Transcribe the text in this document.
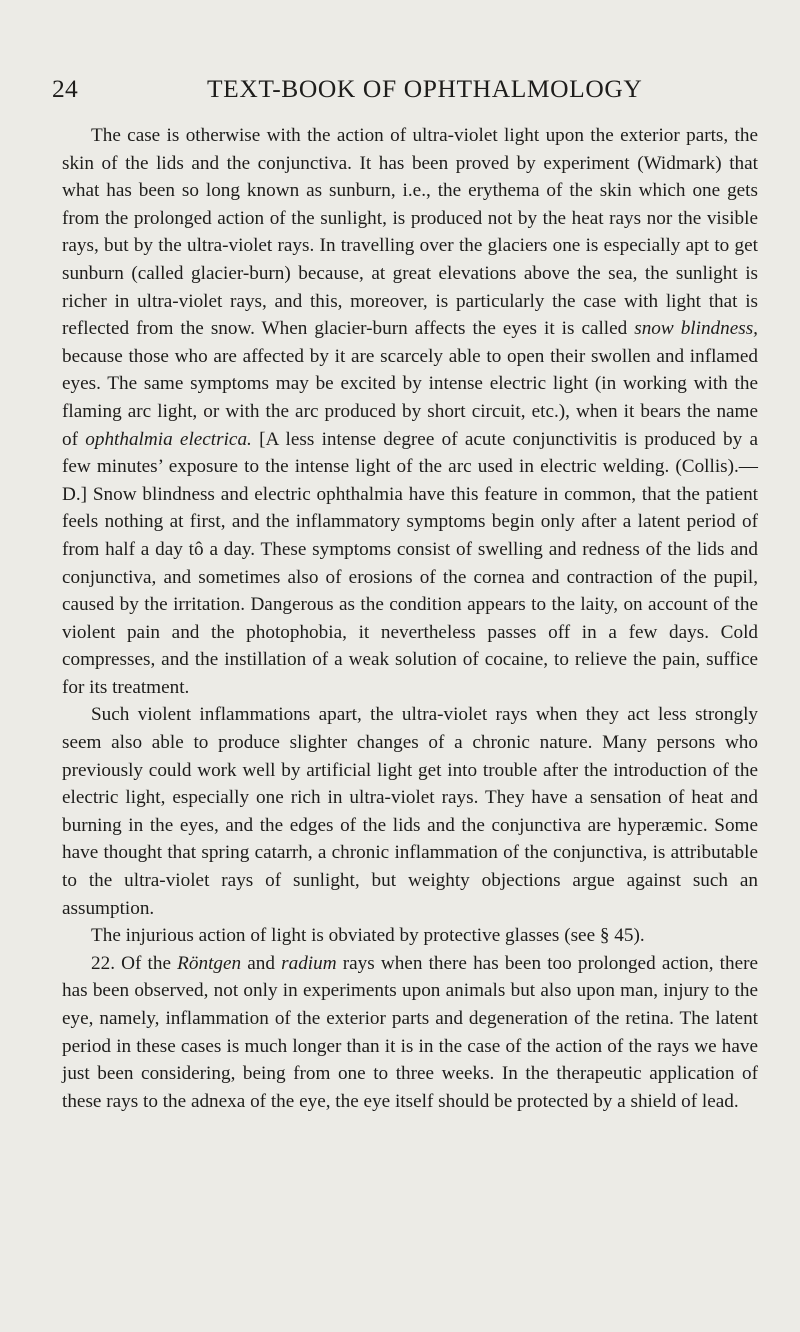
24	TEXT-BOOK OF OPHTHALMOLOGY

The case is otherwise with the action of ultra-violet light upon the exterior parts, the skin of the lids and the conjunctiva. It has been proved by experiment (Widmark) that what has been so long known as sunburn, i.e., the erythema of the skin which one gets from the prolonged action of the sunlight, is produced not by the heat rays nor the visible rays, but by the ultra-violet rays. In travelling over the glaciers one is especially apt to get sunburn (called glacier-burn) because, at great elevations above the sea, the sunlight is richer in ultra-violet rays, and this, moreover, is particularly the case with light that is reflected from the snow. When glacier-burn affects the eyes it is called snow blindness, because those who are affected by it are scarcely able to open their swollen and inflamed eyes. The same symptoms may be excited by intense electric light (in working with the flaming arc light, or with the arc produced by short circuit, etc.), when it bears the name of ophthalmia electrica. [A less intense degree of acute conjunctivitis is produced by a few minutes’ exposure to the intense light of the arc used in electric welding. (Collis).—D.] Snow blindness and electric ophthalmia have this feature in common, that the patient feels nothing at first, and the inflammatory symptoms begin only after a latent period of from half a day tô a day. These symptoms consist of swelling and redness of the lids and conjunctiva, and sometimes also of erosions of the cornea and contraction of the pupil, caused by the irritation. Dangerous as the condition appears to the laity, on account of the violent pain and the photophobia, it nevertheless passes off in a few days. Cold compresses, and the instillation of a weak solution of cocaine, to relieve the pain, suffice for its treatment.

Such violent inflammations apart, the ultra-violet rays when they act less strongly seem also able to produce slighter changes of a chronic nature. Many persons who previously could work well by artificial light get into trouble after the introduction of the electric light, especially one rich in ultra-violet rays. They have a sensation of heat and burning in the eyes, and the edges of the lids and the conjunctiva are hyperæmic. Some have thought that spring catarrh, a chronic inflammation of the conjunctiva, is attributable to the ultra-violet rays of sunlight, but weighty objections argue against such an assumption.

The injurious action of light is obviated by protective glasses (see § 45).

22. Of the Röntgen and radium rays when there has been too prolonged action, there has been observed, not only in experiments upon animals but also upon man, injury to the eye, namely, inflammation of the exterior parts and degeneration of the retina. The latent period in these cases is much longer than it is in the case of the action of the rays we have just been considering, being from one to three weeks. In the therapeutic application of these rays to the adnexa of the eye, the eye itself should be protected by a shield of lead.
